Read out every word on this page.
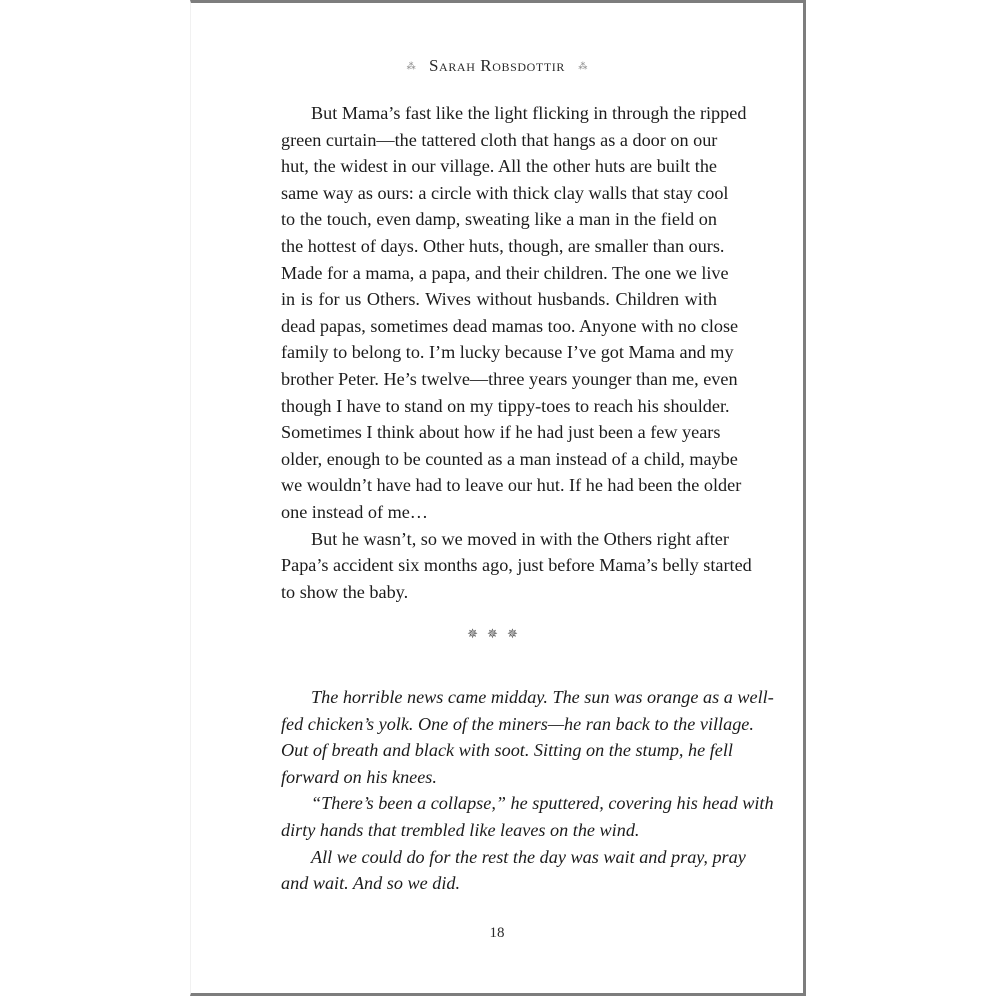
⁂ Sarah Robsdottir ⁂
But Mama’s fast like the light flicking in through the ripped
green curtain—the tattered cloth that hangs as a door on our
hut, the widest in our village. All the other huts are built the
same way as ours: a circle with thick clay walls that stay cool
to the touch, even damp, sweating like a man in the field on
the hottest of days. Other huts, though, are smaller than ours.
Made for a mama, a papa, and their children. The one we live
in is for us Others. Wives without husbands. Children with
dead papas, sometimes dead mamas too. Anyone with no close
family to belong to. I’m lucky because I’ve got Mama and my
brother Peter. He’s twelve—three years younger than me, even
though I have to stand on my tippy-toes to reach his shoulder.
Sometimes I think about how if he had just been a few years
older, enough to be counted as a man instead of a child, maybe
we wouldn’t have had to leave our hut. If he had been the older
one instead of me…
But he wasn’t, so we moved in with the Others right after
Papa’s accident six months ago, just before Mama’s belly started
to show the baby.
✵✵✵
The horrible news came midday. The sun was orange as a well-
fed chicken’s yolk. One of the miners—he ran back to the village.
Out of breath and black with soot. Sitting on the stump, he fell
forward on his knees.
“There’s been a collapse,” he sputtered, covering his head with
dirty hands that trembled like leaves on the wind.
All we could do for the rest the day was wait and pray, pray
and wait. And so we did.
18
